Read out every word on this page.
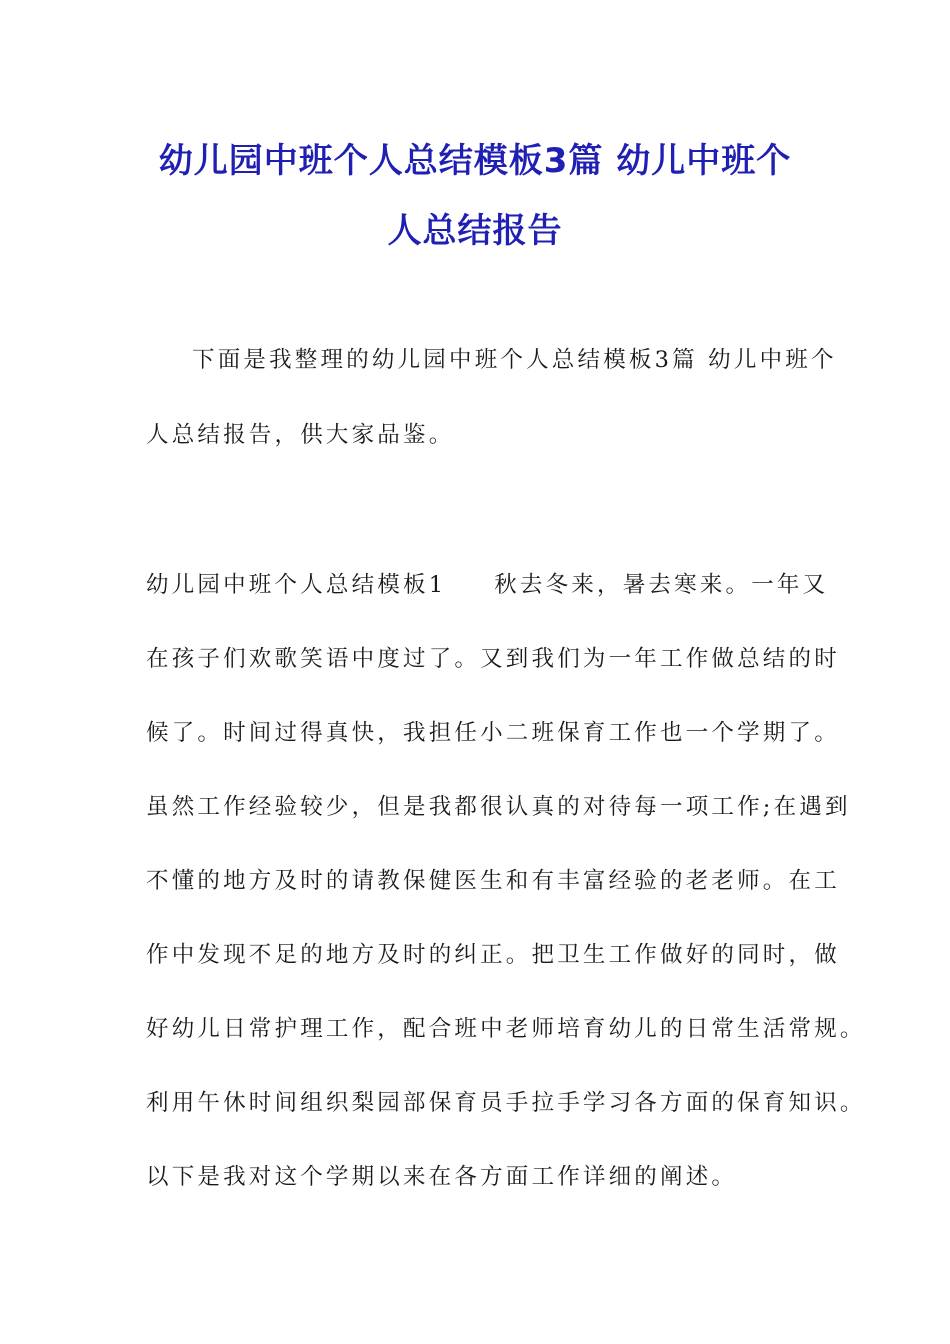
幼儿园中班个人总结模板3篇 幼儿中班个
人总结报告

下面是我整理的幼儿园中班个人总结模板3篇 幼儿中班个

人总结报告，供大家品鉴。

幼儿园中班个人总结模板1 秋去冬来，暑去寒来。一年又

在孩子们欢歌笑语中度过了。又到我们为一年工作做总结的时

候了。时间过得真快，我担任小二班保育工作也一个学期了。

虽然工作经验较少，但是我都很认真的对待每一项工作;在遇到

不懂的地方及时的请教保健医生和有丰富经验的老老师。在工

作中发现不足的地方及时的纠正。把卫生工作做好的同时，做

好幼儿日常护理工作，配合班中老师培育幼儿的日常生活常规。

利用午休时间组织梨园部保育员手拉手学习各方面的保育知识。

以下是我对这个学期以来在各方面工作详细的阐述。
